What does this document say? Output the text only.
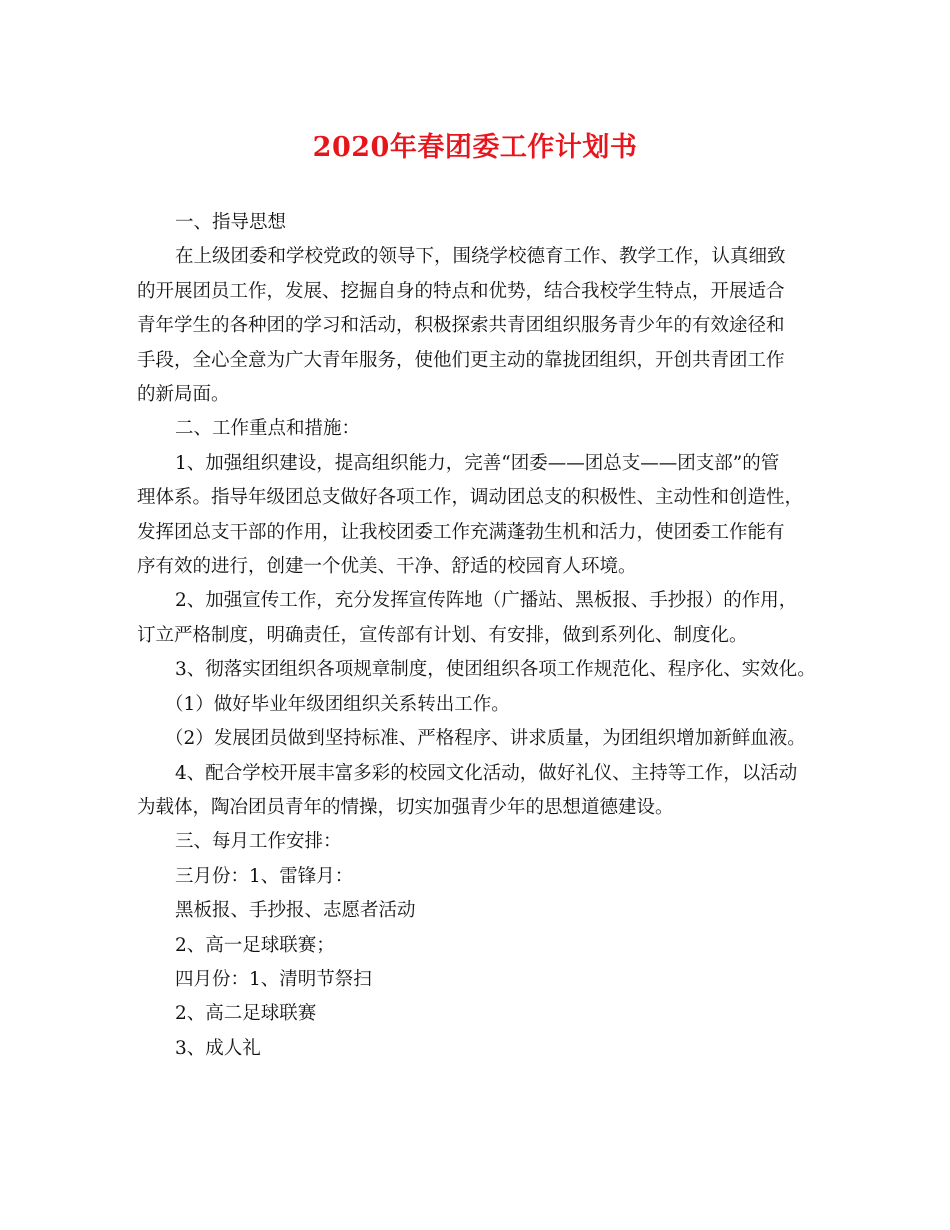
2020年春团委工作计划书

一、指导思想

在上级团委和学校党政的领导下，围绕学校德育工作、教学工作，认真细致

的开展团员工作，发展、挖掘自身的特点和优势，结合我校学生特点，开展适合

青年学生的各种团的学习和活动，积极探索共青团组织服务青少年的有效途径和

手段，全心全意为广大青年服务，使他们更主动的靠拢团组织，开创共青团工作

的新局面。

二、工作重点和措施：

1、加强组织建设，提高组织能力，完善“团委——团总支——团支部”的管

理体系。指导年级团总支做好各项工作，调动团总支的积极性、主动性和创造性，

发挥团总支干部的作用，让我校团委工作充满蓬勃生机和活力，使团委工作能有

序有效的进行，创建一个优美、干净、舒适的校园育人环境。

2、加强宣传工作，充分发挥宣传阵地（广播站、黑板报、手抄报）的作用，

订立严格制度，明确责任，宣传部有计划、有安排，做到系列化、制度化。

3、彻落实团组织各项规章制度，使团组织各项工作规范化、程序化、实效化。

（1）做好毕业年级团组织关系转出工作。

（2）发展团员做到坚持标准、严格程序、讲求质量，为团组织增加新鲜血液。

4、配合学校开展丰富多彩的校园文化活动，做好礼仪、主持等工作，以活动

为载体，陶冶团员青年的情操，切实加强青少年的思想道德建设。

三、每月工作安排：

三月份：1、雷锋月：

黑板报、手抄报、志愿者活动

2、高一足球联赛；

四月份：1、清明节祭扫

2、高二足球联赛

3、成人礼
